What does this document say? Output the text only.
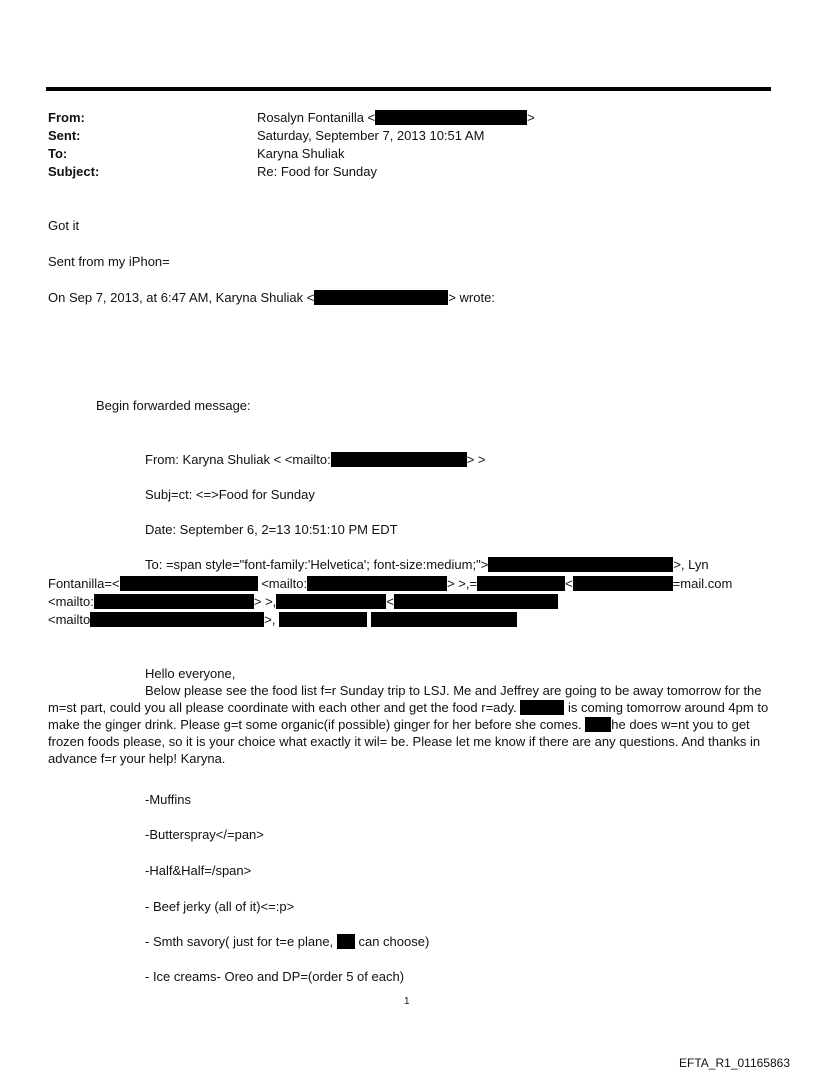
From:	Rosalyn Fontanilla <	>
Sent:	Saturday, September 7, 2013 10:51 AM
To:	Karyna Shuliak
Subject:	Re: Food for Sunday
Got it
Sent from my iPhon=
On Sep 7, 2013, at 6:47 AM, Karyna Shuliak <	> wrote:
Begin forwarded message:
From: Karyna Shuliak < <mailto:	> >
Subj=ct: <=>Food for Sunday
Date: September 6, 2=13 10:51:10 PM EDT
To: =span style="font-family:'Helvetica'; font-size:medium;">	>, Lyn
Fontanilla=<	<mailto:	> >,=	<	=mail.com
<mailto:	> >,	<
<mailto	>,
Hello everyone,
Below please see the food list f=r Sunday trip to LSJ. Me and Jeffrey are going to be away tomorrow for the m=st part, could you all please coordinate with each other and get the food r=ady.	is coming tomorrow around 4pm to make the ginger drink. Please g=t some organic(if possible) ginger for her before she comes. he does w=nt you to get frozen foods please, so it is your choice what exactly it wil= be. Please let me know if there are any questions. And thanks in advance f=r your help! Karyna.
-Muffins
-Butterspray</=pan>
-Half&Half=/span>
- Beef jerky (all of it)<=:p>
- Smth savory( just for t=e plane, can choose)
- Ice creams- Oreo and DP=(order 5 of each)
1
EFTA_R1_01165863
